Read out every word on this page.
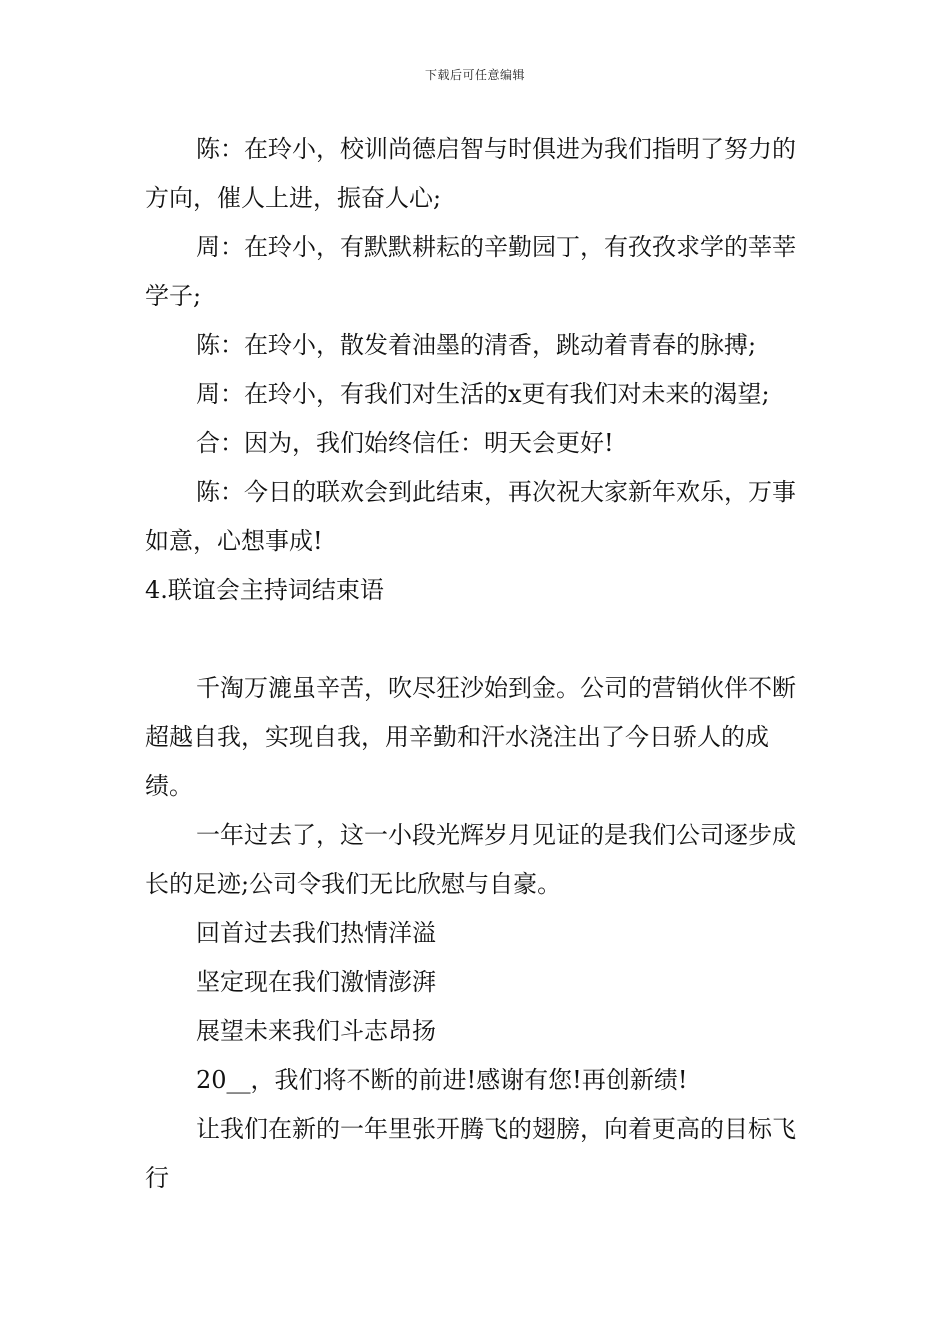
下载后可任意编辑

陈：在玲小，校训尚德启智与时俱进为我们指明了努力的方向，催人上进，振奋人心;

周：在玲小，有默默耕耘的辛勤园丁，有孜孜求学的莘莘学子;

陈：在玲小，散发着油墨的清香，跳动着青春的脉搏;

周：在玲小，有我们对生活的x更有我们对未来的渴望;

合：因为，我们始终信任：明天会更好!

陈：今日的联欢会到此结束，再次祝大家新年欢乐，万事如意，心想事成!

4.联谊会主持词结束语

千淘万漉虽辛苦，吹尽狂沙始到金。公司的营销伙伴不断超越自我，实现自我，用辛勤和汗水浇注出了今日骄人的成绩。

一年过去了，这一小段光辉岁月见证的是我们公司逐步成长的足迹;公司令我们无比欣慰与自豪。

回首过去我们热情洋溢

坚定现在我们激情澎湃

展望未来我们斗志昂扬

20__，我们将不断的前进!感谢有您!再创新绩!

让我们在新的一年里张开腾飞的翅膀，向着更高的目标飞行
